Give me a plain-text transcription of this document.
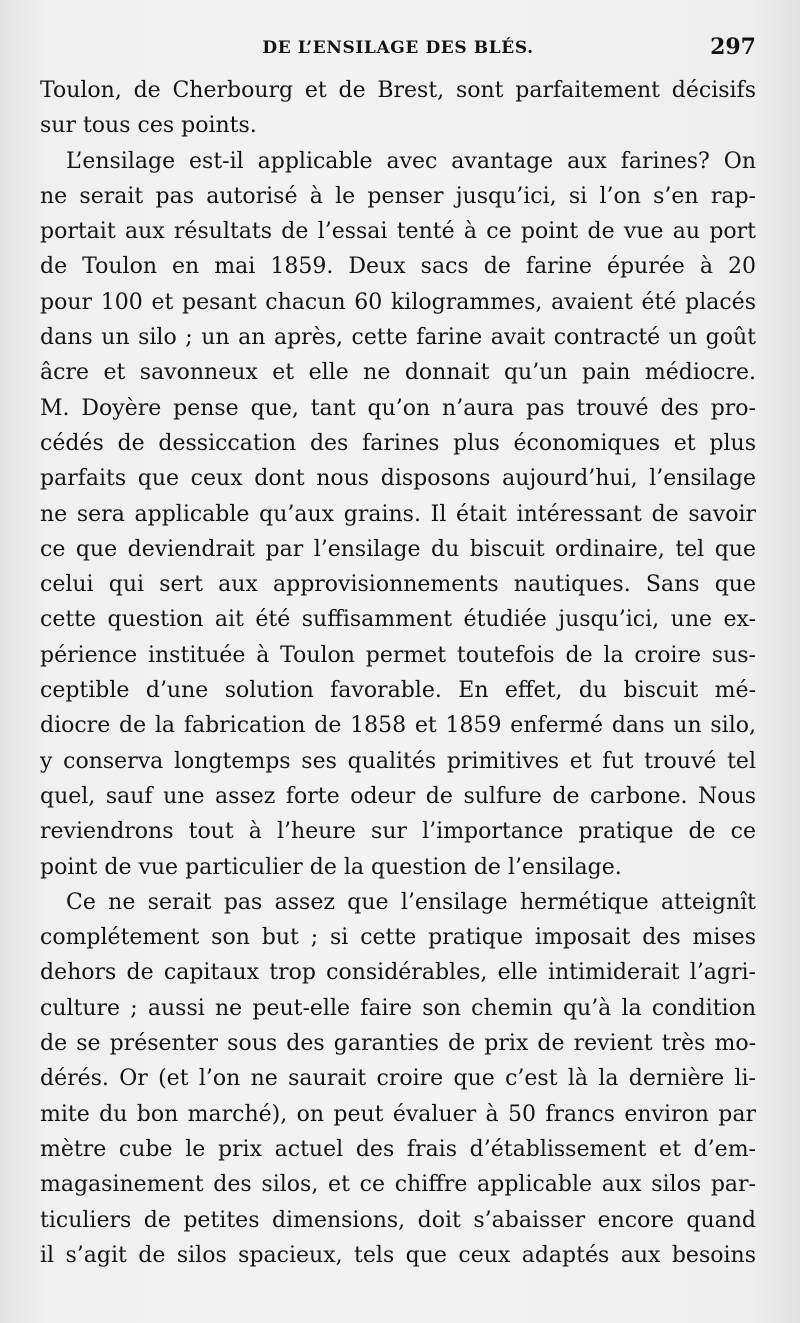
DE L’ENSILAGE DES BLÉS.	297
Toulon, de Cherbourg et de Brest, sont parfaitement décisifs
sur tous ces points.
L’ensilage est-il applicable avec avantage aux farines? On
ne serait pas autorisé à le penser jusqu’ici, si l’on s’en rap-
portait aux résultats de l’essai tenté à ce point de vue au port
de Toulon en mai 1859. Deux sacs de farine épurée à 20
pour 100 et pesant chacun 60 kilogrammes, avaient été placés
dans un silo ; un an après, cette farine avait contracté un goût
âcre et savonneux et elle ne donnait qu’un pain médiocre.
M. Doyère pense que, tant qu’on n’aura pas trouvé des pro-
cédés de dessiccation des farines plus économiques et plus
parfaits que ceux dont nous disposons aujourd’hui, l’ensilage
ne sera applicable qu’aux grains. Il était intéressant de savoir
ce que deviendrait par l’ensilage du biscuit ordinaire, tel que
celui qui sert aux approvisionnements nautiques. Sans que
cette question ait été suffisamment étudiée jusqu’ici, une ex-
périence instituée à Toulon permet toutefois de la croire sus-
ceptible d’une solution favorable. En effet, du biscuit mé-
diocre de la fabrication de 1858 et 1859 enfermé dans un silo,
y conserva longtemps ses qualités primitives et fut trouvé tel
quel, sauf une assez forte odeur de sulfure de carbone. Nous
reviendrons tout à l’heure sur l’importance pratique de ce
point de vue particulier de la question de l’ensilage.
Ce ne serait pas assez que l’ensilage hermétique atteignît
complétement son but ; si cette pratique imposait des mises
dehors de capitaux trop considérables, elle intimiderait l’agri-
culture ; aussi ne peut-elle faire son chemin qu’à la condition
de se présenter sous des garanties de prix de revient très mo-
dérés. Or (et l’on ne saurait croire que c’est là la dernière li-
mite du bon marché), on peut évaluer à 50 francs environ par
mètre cube le prix actuel des frais d’établissement et d’em-
magasinement des silos, et ce chiffre applicable aux silos par-
ticuliers de petites dimensions, doit s’abaisser encore quand
il s’agit de silos spacieux, tels que ceux adaptés aux besoins
